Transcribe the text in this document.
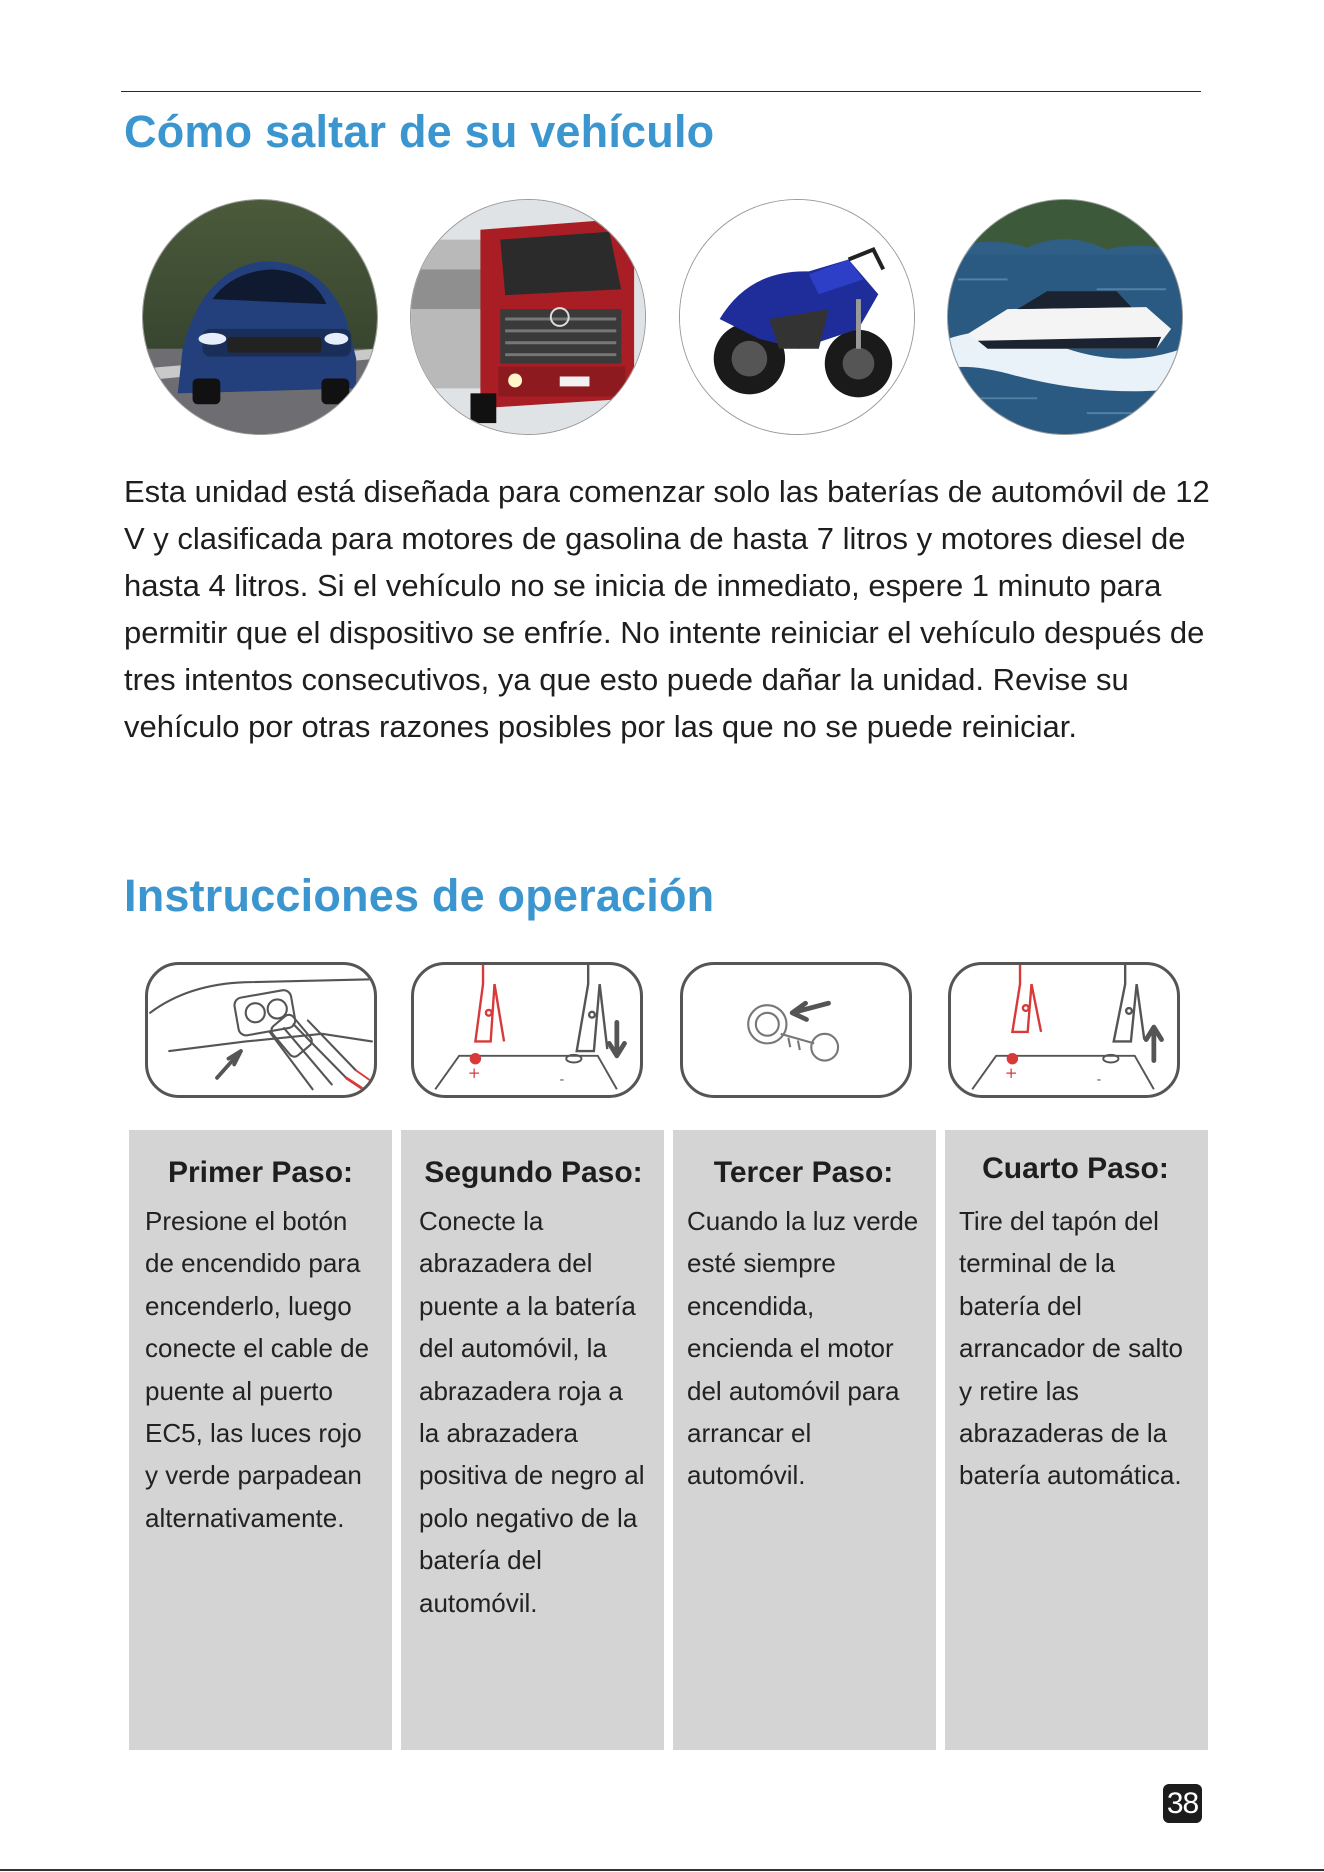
Cómo saltar de su vehículo

Esta unidad está diseñada para comenzar solo las baterías de automóvil de 12 V y clasificada para motores de gasolina de hasta 7 litros y motores diesel de hasta 4 litros. Si el vehículo no se inicia de inmediato, espere 1 minuto para permitir que el dispositivo se enfríe. No intente reiniciar el vehículo después de tres intentos consecutivos, ya que esto puede dañar la unidad. Revise su vehículo por otras razones posibles por las que no se puede reiniciar.

Instrucciones de operación
+	-	+	-
Primer Paso:

Presione el botón de encendido para encenderlo, luego conecte el cable de puente al puerto EC5, las luces rojo y verde parpadean alternativamente.

Segundo Paso:

Conecte la abrazadera del puente a la batería del automóvil, la abrazadera roja a la abrazadera positiva de negro al polo negativo de la batería del automóvil.

Tercer Paso:

Cuando la luz verde esté siempre encendida, encienda el motor del automóvil para arrancar el automóvil.

Cuarto Paso:

Tire del tapón del terminal de la batería del arrancador de salto y retire las abrazaderas de la batería automática.

38
